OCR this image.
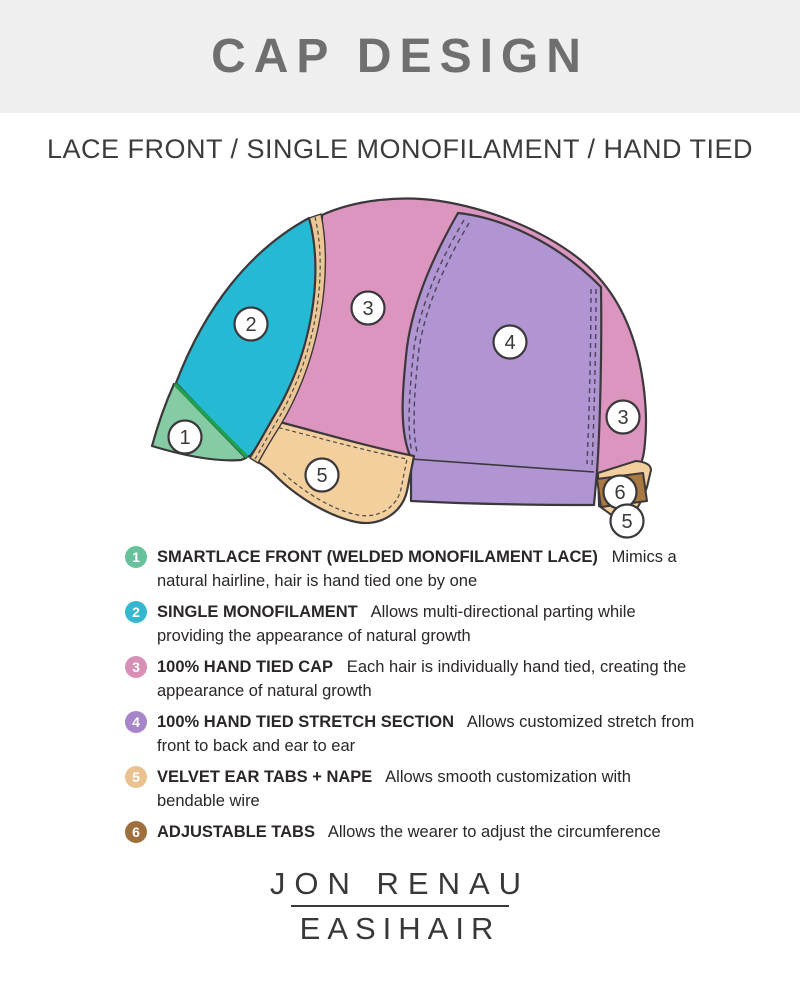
CAP DESIGN
LACE FRONT / SINGLE MONOFILAMENT / HAND TIED
1
2
3
4
3
5
6
5
1	SMARTLACE FRONT (WELDED MONOFILAMENT LACE)   Mimics a natural hairline, hair is hand tied one by one
2	SINGLE MONOFILAMENT   Allows multi-directional parting while providing the appearance of natural growth
3	100% HAND TIED CAP   Each hair is individually hand tied, creating the appearance of natural growth
4	100% HAND TIED STRETCH SECTION   Allows customized stretch from front to back and ear to ear
5	VELVET EAR TABS + NAPE   Allows smooth customization with bendable wire
6	ADJUSTABLE TABS   Allows the wearer to adjust the circumference
JON RENAU
EASIHAIR
